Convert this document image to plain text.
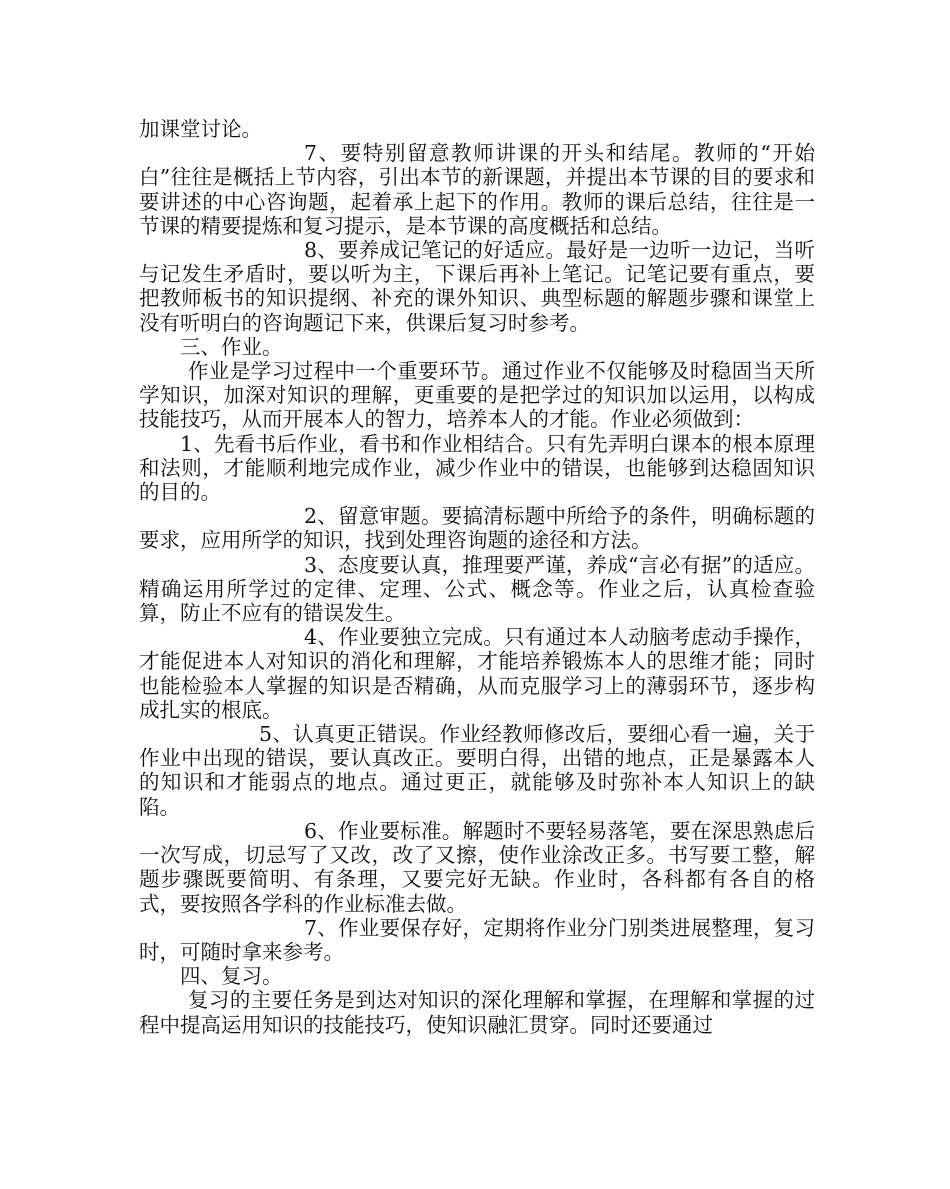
加课堂讨论。

7、要特别留意教师讲课的开头和结尾。教师的“开始白”往往是概括上节内容，引出本节的新课题，并提出本节课的目的要求和要讲述的中心咨询题，起着承上起下的作用。教师的课后总结，往往是一节课的精要提炼和复习提示，是本节课的高度概括和总结。

8、要养成记笔记的好适应。最好是一边听一边记，当听与记发生矛盾时，要以听为主，下课后再补上笔记。记笔记要有重点，要把教师板书的知识提纲、补充的课外知识、典型标题的解题步骤和课堂上没有听明白的咨询题记下来，供课后复习时参考。

三、作业。

作业是学习过程中一个重要环节。通过作业不仅能够及时稳固当天所学知识，加深对知识的理解，更重要的是把学过的知识加以运用，以构成技能技巧，从而开展本人的智力，培养本人的才能。作业必须做到：

1、先看书后作业，看书和作业相结合。只有先弄明白课本的根本原理和法则，才能顺利地完成作业，减少作业中的错误，也能够到达稳固知识的目的。

2、留意审题。要搞清标题中所给予的条件，明确标题的要求，应用所学的知识，找到处理咨询题的途径和方法。

3、态度要认真，推理要严谨，养成“言必有据”的适应。精确运用所学过的定律、定理、公式、概念等。作业之后，认真检查验算，防止不应有的错误发生。

4、作业要独立完成。只有通过本人动脑考虑动手操作，才能促进本人对知识的消化和理解，才能培养锻炼本人的思维才能；同时也能检验本人掌握的知识是否精确，从而克服学习上的薄弱环节，逐步构成扎实的根底。

5、认真更正错误。作业经教师修改后，要细心看一遍，关于作业中出现的错误，要认真改正。要明白得，出错的地点，正是暴露本人的知识和才能弱点的地点。通过更正，就能够及时弥补本人知识上的缺陷。

6、作业要标准。解题时不要轻易落笔，要在深思熟虑后一次写成，切忌写了又改，改了又擦，使作业涂改正多。书写要工整，解题步骤既要简明、有条理，又要完好无缺。作业时，各科都有各自的格式，要按照各学科的作业标准去做。

7、作业要保存好，定期将作业分门别类进展整理，复习时，可随时拿来参考。

四、复习。

复习的主要任务是到达对知识的深化理解和掌握，在理解和掌握的过程中提高运用知识的技能技巧，使知识融汇贯穿。同时还要通过
